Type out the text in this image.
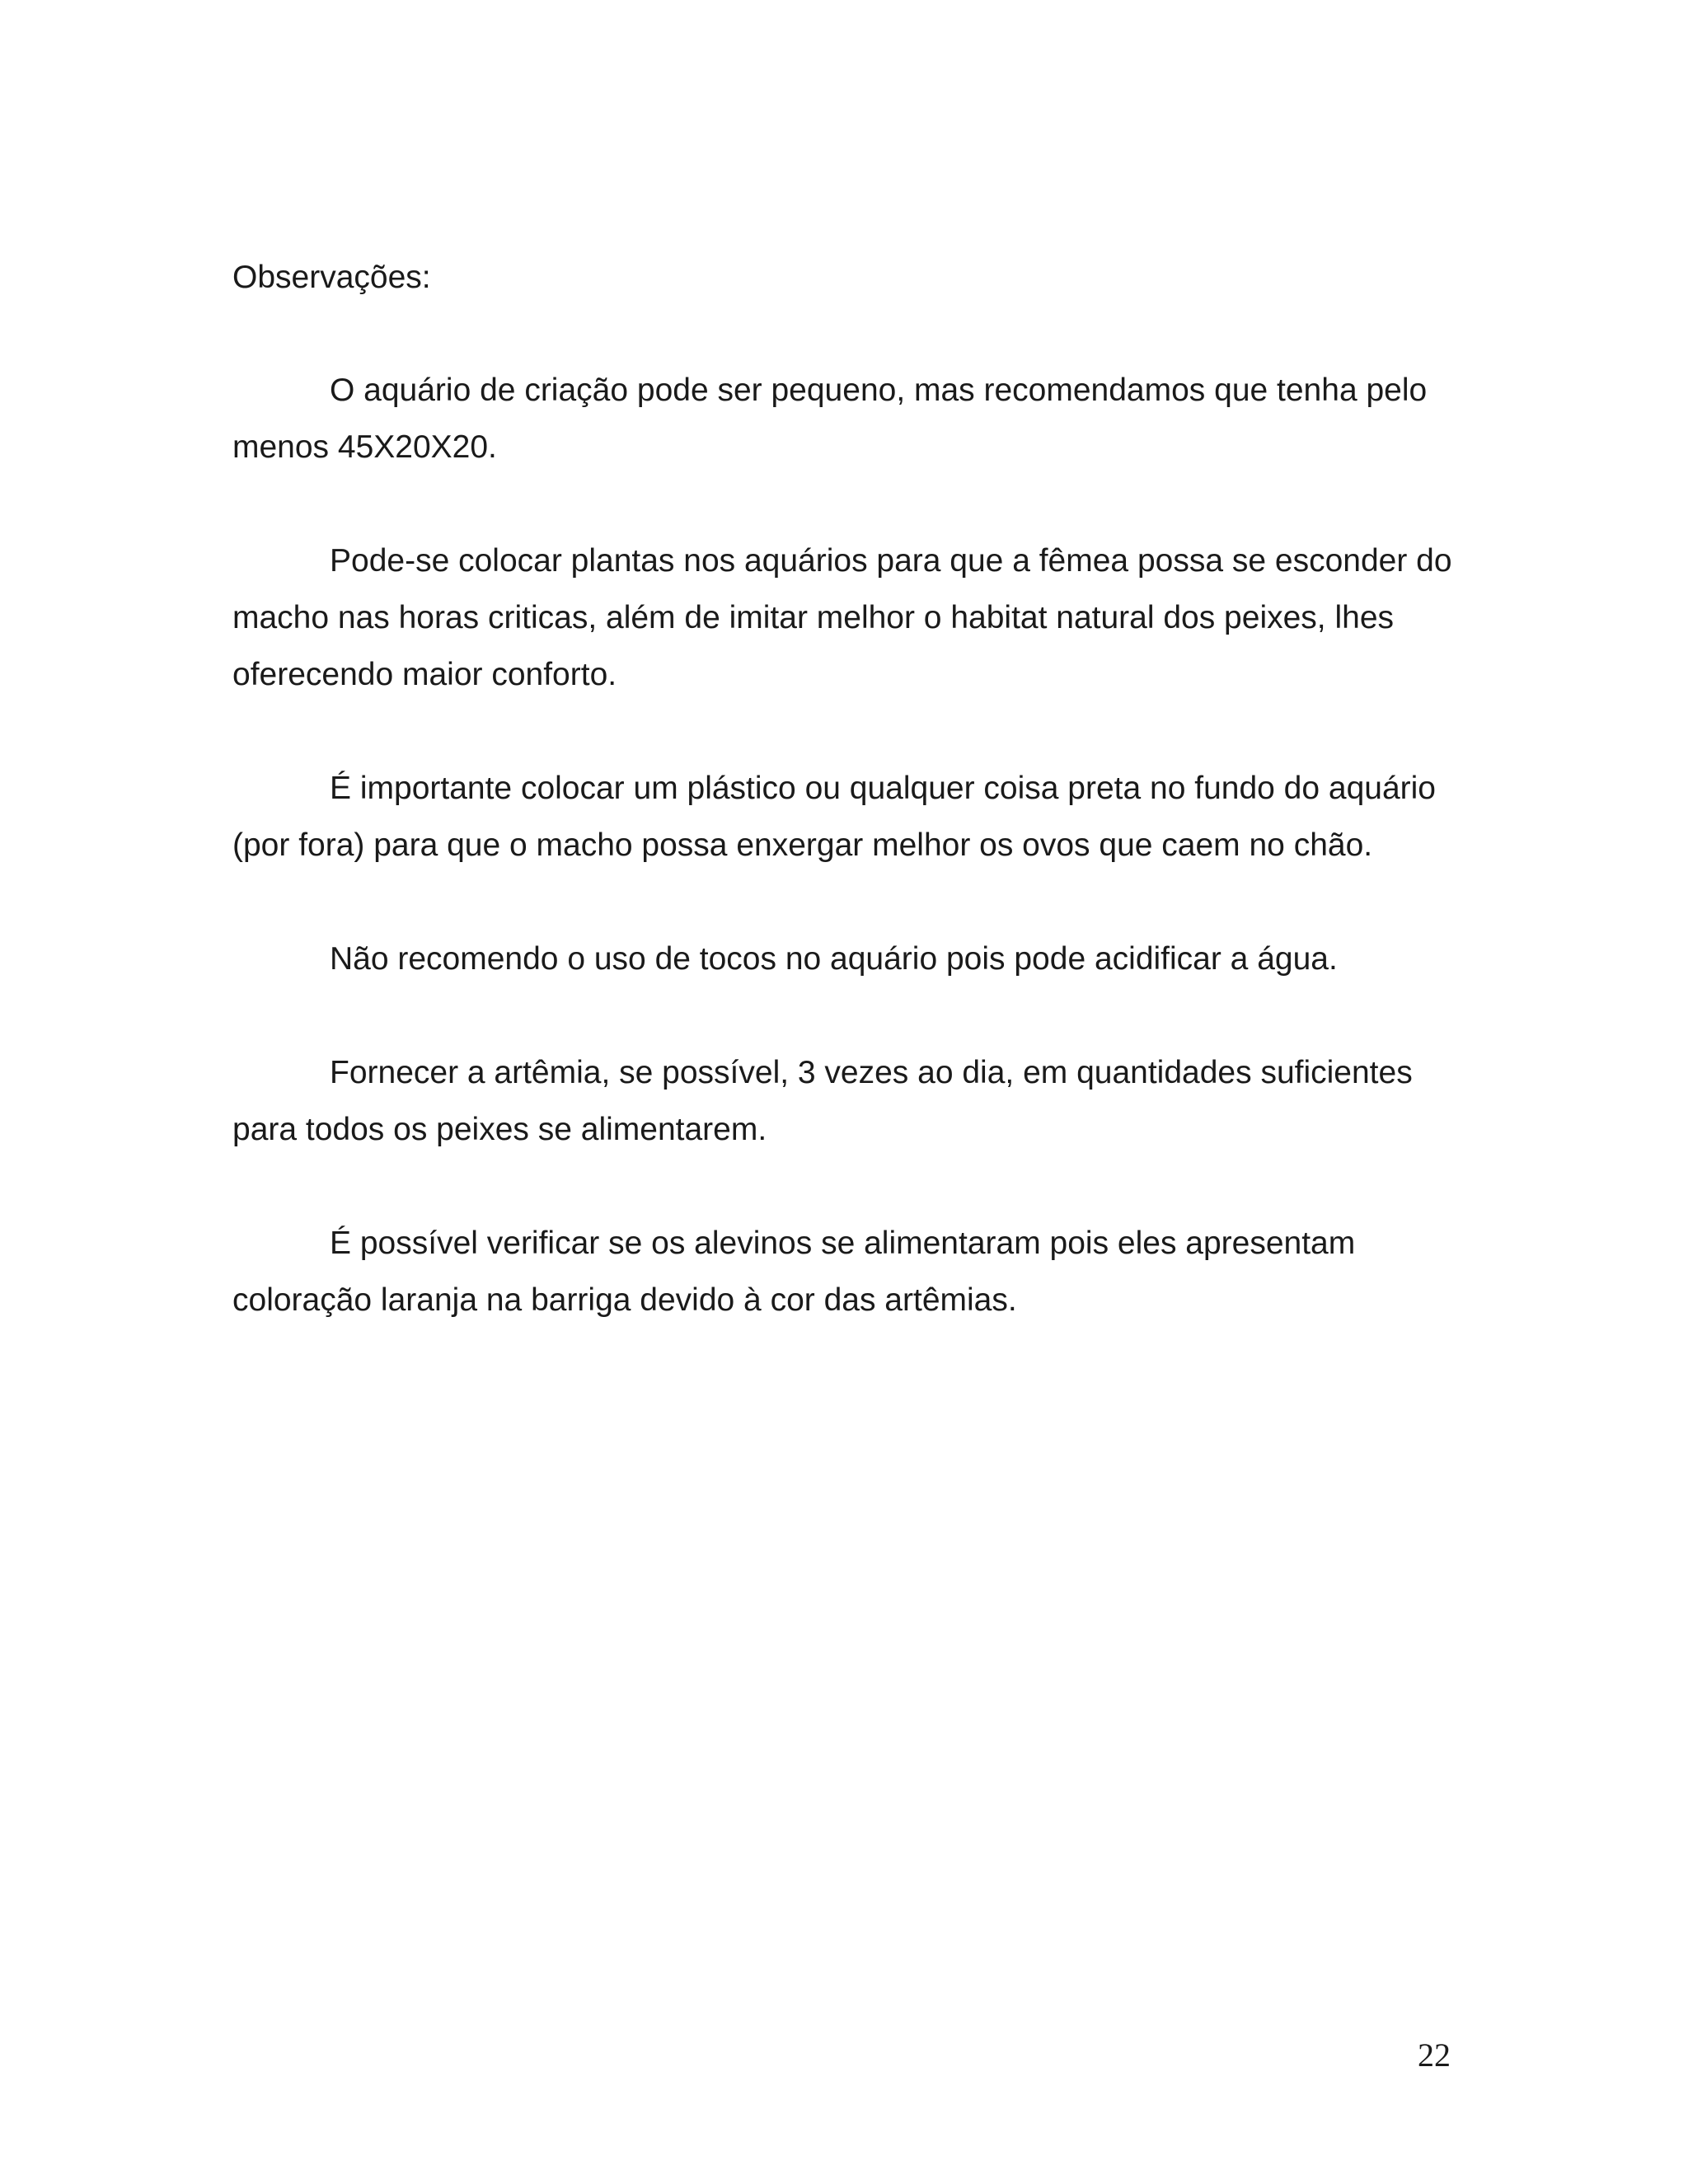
Observações:

O aquário de criação pode ser pequeno, mas recomendamos que tenha pelo menos 45X20X20.

Pode-se colocar plantas nos aquários para que a fêmea possa se esconder do macho nas horas criticas, além de imitar melhor o habitat natural dos peixes, lhes oferecendo maior conforto.

É importante colocar um plástico ou qualquer coisa preta no fundo do aquário (por fora) para que o macho possa enxergar melhor os ovos que caem no chão.

Não recomendo o uso de tocos no aquário pois pode acidificar a água.

Fornecer a artêmia, se possível, 3 vezes ao dia, em quantidades suficientes para todos os peixes se alimentarem.

É possível verificar se os alevinos se alimentaram pois eles apresentam coloração laranja na barriga devido à cor das artêmias.

22
